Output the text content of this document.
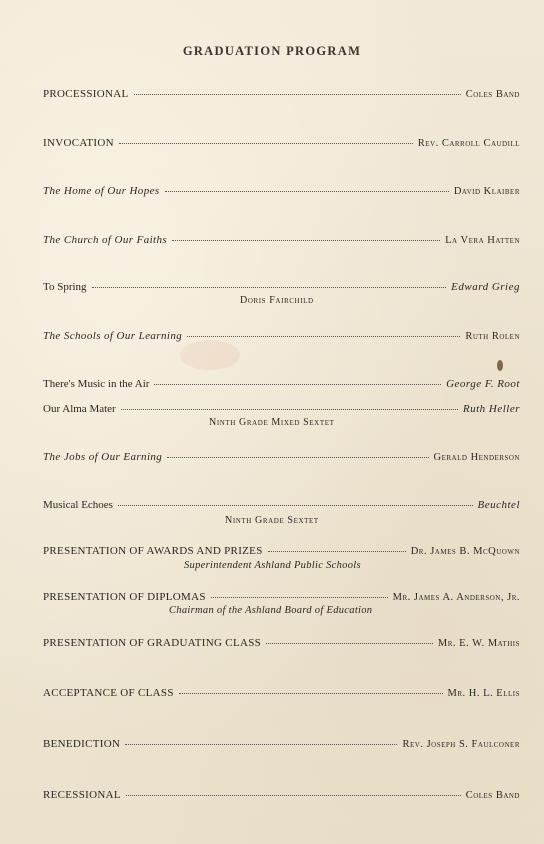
GRADUATION PROGRAM
PROCESSIONAL	Coles Band
INVOCATION	Rev. Carroll Caudill
The Home of Our Hopes	David Klaiber
The Church of Our Faiths	La Vera Hatten
To Spring	Edward Grieg
Doris Fairchild
The Schools of Our Learning	Ruth Rolen
There's Music in the Air	George F. Root
Our Alma Mater	Ruth Heller
Ninth Grade Mixed Sextet
The Jobs of Our Earning	Gerald Henderson
Musical Echoes	Beuchtel
Ninth Grade Sextet
PRESENTATION OF AWARDS AND PRIZES	Dr. James B. McQuown
Superintendent Ashland Public Schools
PRESENTATION OF DIPLOMAS	Mr. James A. Anderson, Jr.
Chairman of the Ashland Board of Education
PRESENTATION OF GRADUATING CLASS	Mr. E. W. Mathis
ACCEPTANCE OF CLASS	Mr. H. L. Ellis
BENEDICTION	Rev. Joseph S. Faulconer
RECESSIONAL	Coles Band
